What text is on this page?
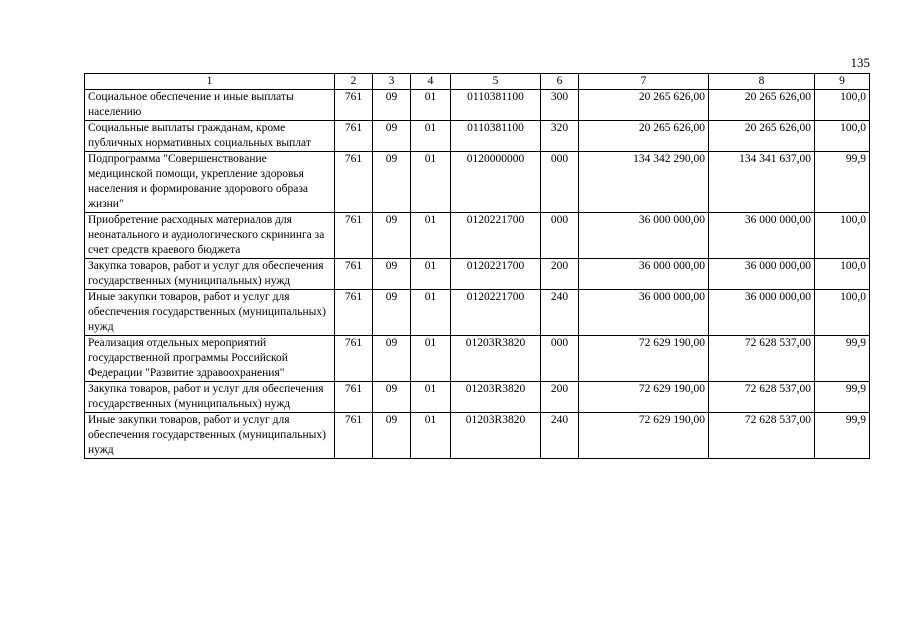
135
1	2	3	4	5	6	7	8	9
Социальное обеспечение и иные выплаты населению	761	09	01	0110381100	300	20 265 626,00	20 265 626,00	100,0
Социальные выплаты гражданам, кроме публичных нормативных социальных выплат	761	09	01	0110381100	320	20 265 626,00	20 265 626,00	100,0
Подпрограмма "Совершенствование медицинской помощи, укрепление здоровья населения и формирование здорового образа жизни"	761	09	01	0120000000	000	134 342 290,00	134 341 637,00	99,9
Приобретение расходных материалов для неонатального и аудиологического скрининга за счет средств краевого бюджета	761	09	01	0120221700	000	36 000 000,00	36 000 000,00	100,0
Закупка товаров, работ и услуг для обеспечения государственных (муниципальных) нужд	761	09	01	0120221700	200	36 000 000,00	36 000 000,00	100,0
Иные закупки товаров, работ и услуг для обеспечения государственных (муниципальных) нужд	761	09	01	0120221700	240	36 000 000,00	36 000 000,00	100,0
Реализация отдельных мероприятий государственной программы Российской Федерации "Развитие здравоохранения"	761	09	01	01203R3820	000	72 629 190,00	72 628 537,00	99,9
Закупка товаров, работ и услуг для обеспечения государственных (муниципальных) нужд	761	09	01	01203R3820	200	72 629 190,00	72 628 537,00	99,9
Иные закупки товаров, работ и услуг для обеспечения государственных (муниципальных) нужд	761	09	01	01203R3820	240	72 629 190,00	72 628 537,00	99,9
